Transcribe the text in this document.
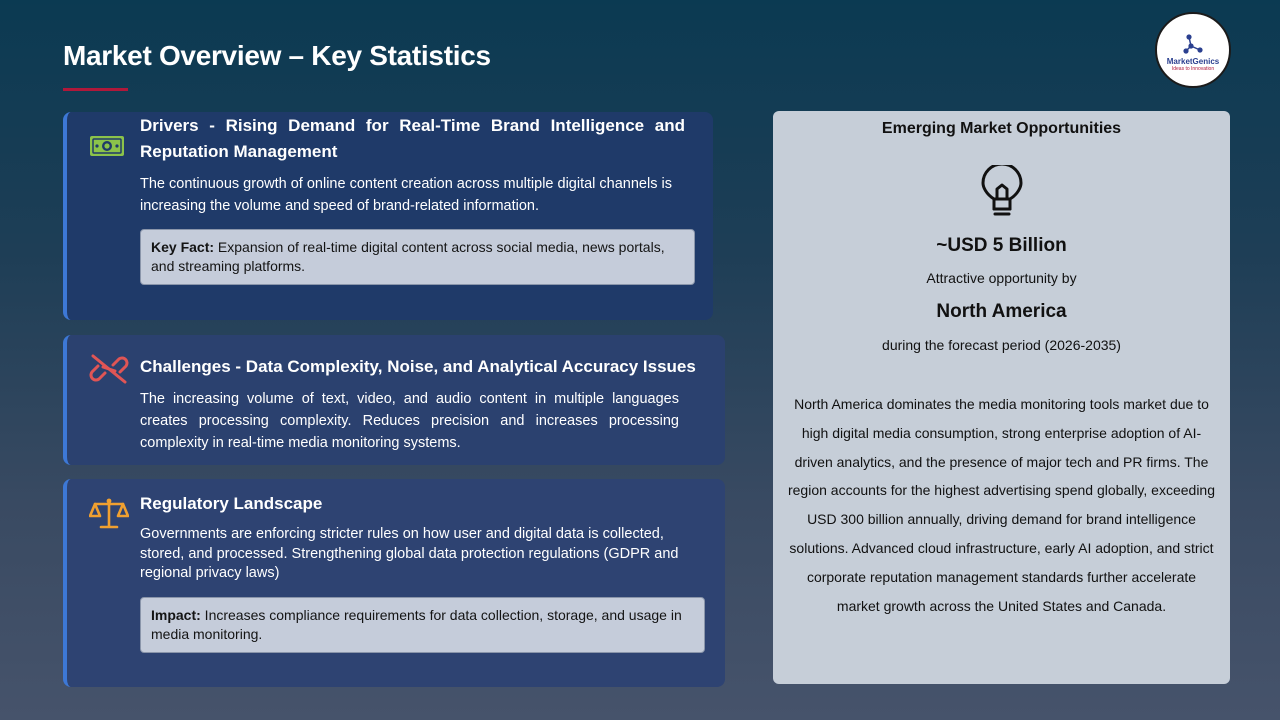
Market Overview – Key Statistics	MarketGenics
Ideas to Innovation
Drivers - Rising Demand for Real-Time Brand Intelligence and Reputation Management
The continuous growth of online content creation across multiple digital channels is increasing the volume and speed of brand-related information.
Key Fact: Expansion of real-time digital content across social media, news portals, and streaming platforms.
Challenges - Data Complexity, Noise, and Analytical Accuracy Issues
The increasing volume of text, video, and audio content in multiple languages creates processing complexity. Reduces precision and increases processing complexity in real-time media monitoring systems.
Regulatory Landscape
Governments are enforcing stricter rules on how user and digital data is collected, stored, and processed. Strengthening global data protection regulations (GDPR and regional privacy laws)
Impact: Increases compliance requirements for data collection, storage, and usage in media monitoring.
Emerging Market Opportunities
~USD 5 Billion
Attractive opportunity by
North America
during the forecast period (2026-2035)
North America dominates the media monitoring tools market due to high digital media consumption, strong enterprise adoption of AI-driven analytics, and the presence of major tech and PR firms. The region accounts for the highest advertising spend globally, exceeding USD 300 billion annually, driving demand for brand intelligence solutions. Advanced cloud infrastructure, early AI adoption, and strict corporate reputation management standards further accelerate market growth across the United States and Canada.
